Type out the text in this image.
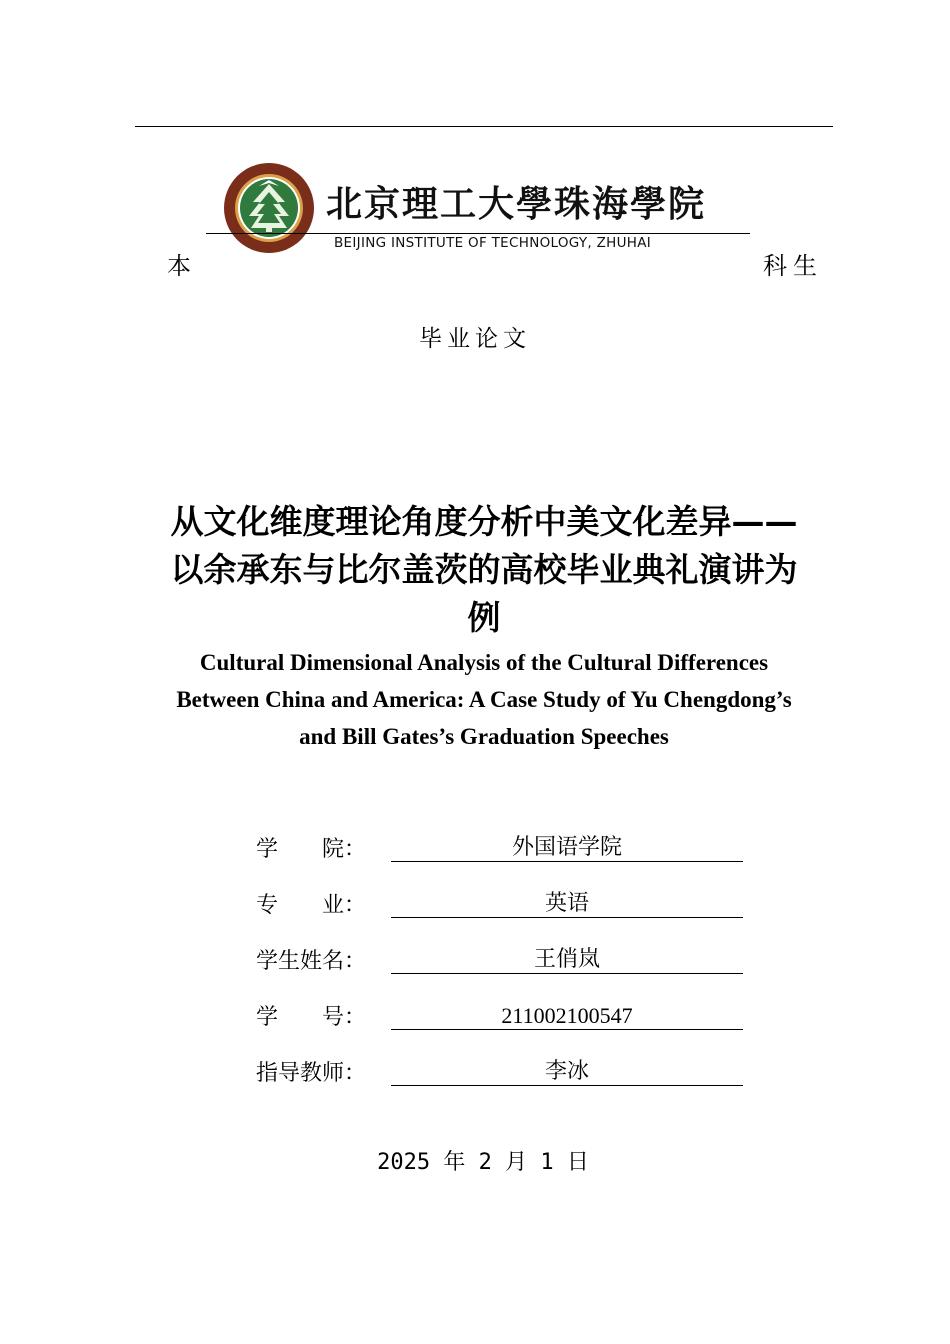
北京理工大學珠海學院
BEIJING INSTITUTE OF TECHNOLOGY, ZHUHAI
本	科生
毕业论文
从文化维度理论角度分析中美文化差异——
以余承东与比尔盖茨的高校毕业典礼演讲为
例
Cultural Dimensional Analysis of the Cultural Differences
Between China and America: A Case Study of Yu Chengdong’s
and Bill Gates’s Graduation Speeches
学　　院：	外国语学院
专　　业：	英语
学生姓名：	王俏岚
学　　号：	211002100547
指导教师：	李冰
2025 年 2 月 1 日
